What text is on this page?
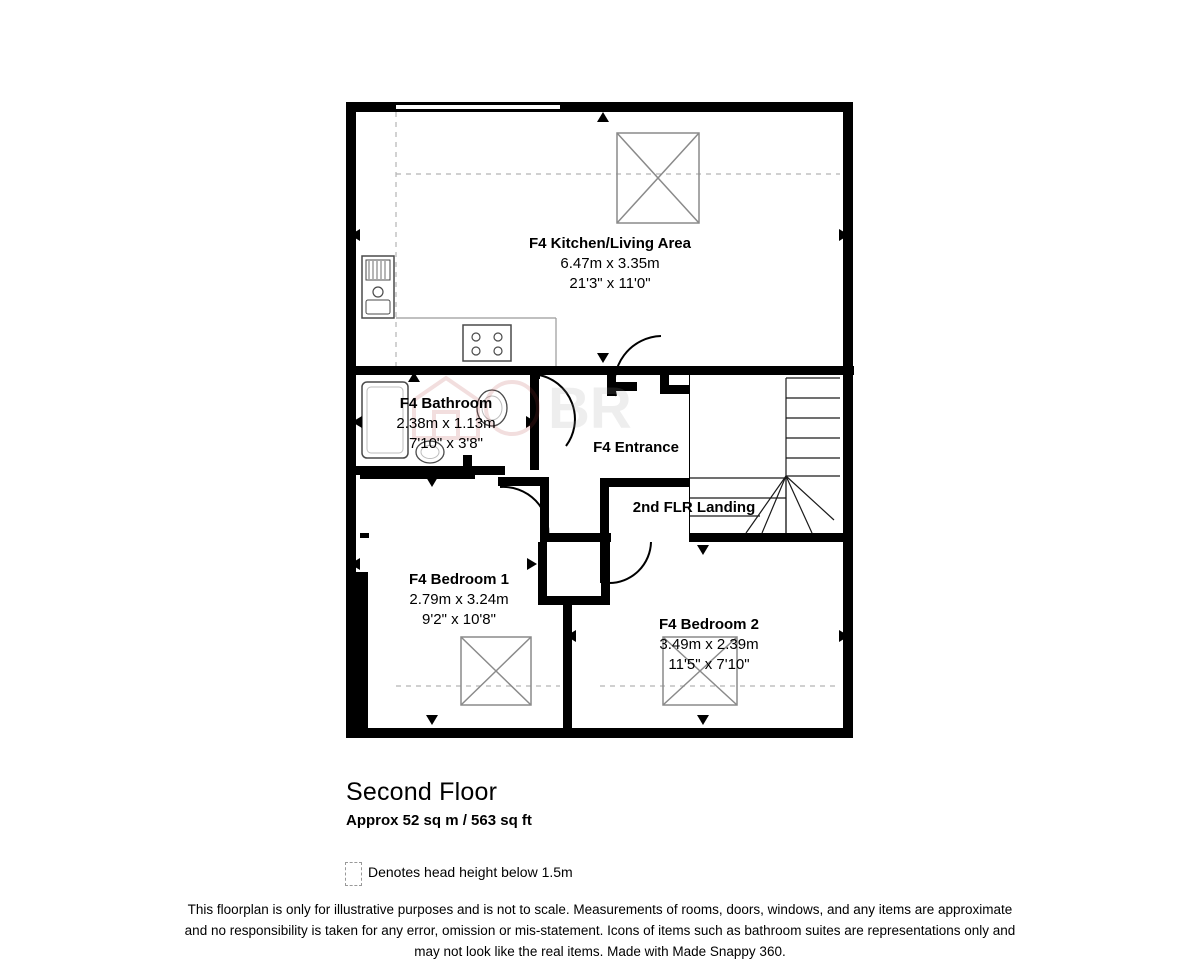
BR
F4 Kitchen/Living Area
6.47m x 3.35m
21'3" x 11'0"
F4 Bathroom
2.38m x 1.13m
7'10" x 3'8"	F4 Entrance
2nd FLR Landing
F4 Bedroom 1
2.79m x 3.24m
9'2" x 10'8"	F4 Bedroom 2
3.49m x 2.39m
11'5" x 7'10"
Second Floor
Approx 52 sq m / 563 sq ft
Denotes head height below 1.5m
This floorplan is only for illustrative purposes and is not to scale. Measurements of rooms, doors, windows, and any items are approximate
and no responsibility is taken for any error, omission or mis-statement. Icons of items such as bathroom suites are representations only and
may not look like the real items. Made with Made Snappy 360.
